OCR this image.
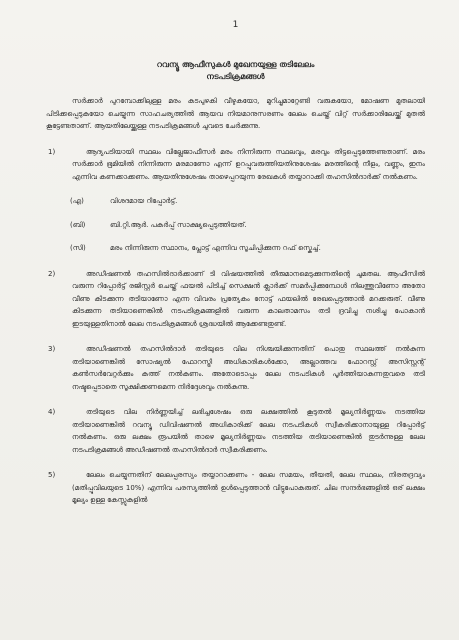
1
റവന്യൂ ആഫീസുകൾ മുഖേനയുള്ള തടിലേലം
നടപടിക്രമങ്ങൾ

സർക്കാർ പുറമ്പോക്കിലുള്ള മരം കടപുഴകി വീഴുകയോ, മുറിച്ചുമാറ്റേണ്ടി വരുകയോ, മോഷണ മുതലായി പിടിക്കപ്പെടുകയോ ചെയ്യുന്ന സാഹചര്യത്തിൽ ആയവ നിയമാനുസരണം ലേലം ചെയ്ത് വിറ്റ് സർക്കാരിലേയ്ക്ക് മുതൽ കൂട്ടേണ്ടതാണ്. ആയതിലേയ്ക്കുള്ള നടപടിക്രമങ്ങൾ ചുവടെ ചേർക്കുന്നു.

1)	ആദ്യപടിയായി സ്ഥലം വില്ലേജാഫീസർ മരം നിന്നിരുന്ന സ്ഥലവും, മരവും തിട്ടപ്പെടുത്തേണ്ടതാണ്. മരം സർക്കാർ ഭൂമിയിൽ നിന്നിരുന്ന മരമാണോ എന്ന് ഉറപ്പുവരുത്തിയതിനുശേഷം മരത്തിന്റെ നീളം, വണ്ണം, ഇനം എന്നിവ കണക്കാക്കണം. ആയതിനുശേഷം താഴെപ്പറയുന്ന രേഖകൾ തയ്യാറാക്കി തഹസിൽദാർക്ക് നൽകണം.

(എ)	വിശദമായ റിപ്പോർട്ട്.
(ബി)	ബി.റ്റി.ആർ. പകർപ്പ് സാക്ഷ്യപ്പെടുത്തിയത്.
(സി)	മരം നിന്നിരുന്ന സ്ഥാനം, പ്ലോട്ട് എന്നിവ സൂചിപ്പിക്കുന്ന റഫ് സ്കെച്ച്.
2)	അഡീഷണൽ തഹസിൽദാർക്കാണ് ടി വിഷയത്തിൽ തീരുമാനമെടുക്കുന്നതിന്റെ ചുമതല. ആഫീസിൽ വരുന്ന റിപ്പോർട്ട് രജിസ്റ്റർ ചെയ്ത് ഫയൽ പിടിച്ച് സെക്ഷൻ ക്ലാർക്ക് സമർപ്പിക്കുമ്പോൾ നിലത്തുവീണോ അതോ വീണു കിടക്കുന്ന തടിയാണോ എന്ന വിവരം പ്രത്യേകം നോട്ട് ഫയലിൽ രേഖപ്പെടുത്താൻ മറക്കരുത്. വീണു കിടക്കുന്ന തടിയാണെങ്കിൽ നടപടിക്രമങ്ങളിൽ വരുന്ന കാലതാമസം തടി ദ്രവിച്ചു നശിച്ചു പോകാൻ ഇടയുള്ളതിനാൽ ലേല നടപടിക്രമങ്ങൾ ശ്രദ്ധയിൽ ആക്കേണ്ടതുണ്ട്.

3)	അഡീഷണൽ തഹസിൽദാർ തടിയുടെ വില നിശ്ചയിക്കുന്നതിന് പൊതു സ്ഥലത്ത് നൽകുന്ന തടിയാണെങ്കിൽ സോഷ്യൽ ഫോറസ്ട്രി അധികാരികൾക്കോ, അല്ലാത്തവ ഫോറസ്റ്റ് അസിസ്റ്റന്റ് കൺസർവേറ്റർക്കും കത്ത് നൽകണം. അതോടൊപ്പം ലേല നടപടികൾ പൂർത്തിയാകുന്നതുവരെ തടി നഷ്ടപ്പെടാതെ സൂക്ഷിക്കണമെന്ന നിർദ്ദേശവും നൽകുന്നു.

4)	തടിയുടെ വില നിർണ്ണയിച്ച് ലഭിച്ചശേഷം ഒരു ലക്ഷത്തിൽ കൂടുതൽ മൂല്യനിർണ്ണയം നടത്തിയ തടിയാണെങ്കിൽ റവന്യൂ ഡിവിഷണൽ അധികാരിക്ക് ലേല നടപടികൾ സ്വീകരിക്കാനായുള്ള റിപ്പോർട്ട് നൽകണം. ഒരു ലക്ഷം രൂപയിൽ താഴെ മൂല്യനിർണ്ണയം നടത്തിയ തടിയാണെങ്കിൽ തുടർന്നുള്ള ലേല നടപടിക്രമങ്ങൾ അഡീഷണൽ തഹസിൽദാർ സ്വീകരിക്കണം.

5)	ലേലം ചെയ്യുന്നതിന് ലേലപ്പരസ്യം തയ്യാറാക്കണം - ലേല സമയം, തീയതി, ലേല സ്ഥലം, നിരതദ്രവ്യം (മതിപ്പുവിലയുടെ 10%) എന്നിവ പരസ്യത്തിൽ ഉൾപ്പെടുത്താൻ വിട്ടുപോകരുത്. ചില സന്ദർഭങ്ങളിൽ ഒര് ലക്ഷം മൂല്യം ഉള്ള കേസ്സുകളിൽ
